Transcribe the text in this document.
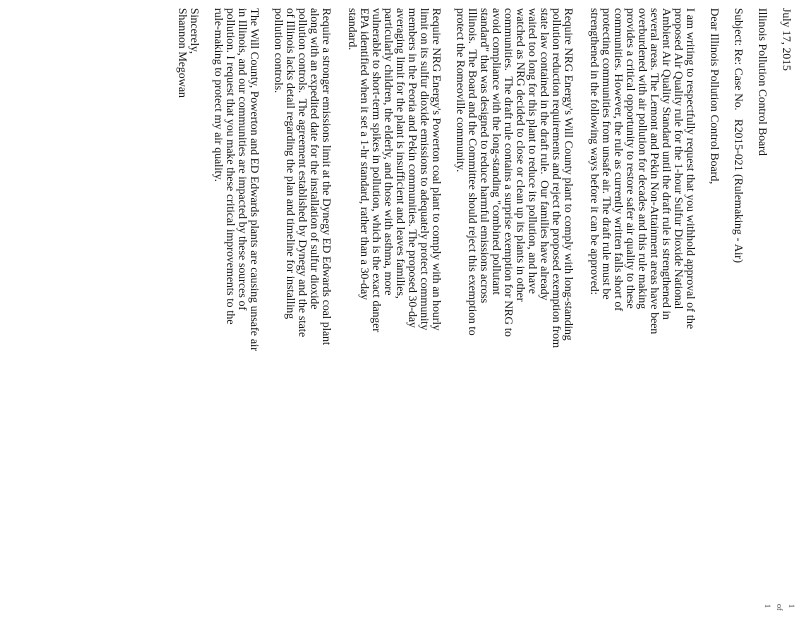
1 of 1
July 17, 2015
Illinois Pollution Control Board
Subject: Re: Case No.   R2015-021 (Rulemaking - Air)
Dear Illinois Pollution Control Board,
I am writing to respectfully request that you withhold approval of the
proposed Air Quality rule for the 1-hour Sulfur Dioxide National
Ambient Air Quality Standard until the draft rule is strengthened in
several areas. The Lemont and Pekin Non-Attainment areas have been
overburdened with air pollution for decades and this rule making
provides a critical opportunity to restore safer air quality to these
communities. However, the rule as currently written falls short of
protecting communities from unsafe air. The draft rule must be
strengthened in the following ways before it can be approved:
Require NRG Energy's Will County plant to comply with long-standing
pollution reduction requirements and reject the proposed exemption from
state law contained in the draft rule.  Our families have already
waited too long for this plant to reduce its pollution, and have
watched as NRG decided to close or clean up its plants in other
communities.  The draft rule contains a surprise exemption for NRG to
avoid compliance with the long-standing "combined pollutant
standard" that was designed to reduce harmful emissions across
Illinois.  The Board and the Committee should reject this exemption to
protect the Romeoville community.
Require NRG Energy's Powerton coal plant to comply with an hourly
limit on its sulfur dioxide emissions to adequately protect community
members in the Peoria and Pekin communities. The proposed 30-day
averaging limit for the plant is insufficient and leaves families,
particularly children, the elderly, and those with asthma, more
vulnerable to short-term spikes in pollution, which is the exact danger
EPA identified when it set a 1-hr standard, rather than a 30-day
standard.
Require a stronger emissions limit at the Dynegy ED Edwards coal plant
along with an expedited date for the installation of sulfur dioxide
pollution controls.  The agreement established by Dynegy and the state
of Illinois lacks detail regarding the plan and timeline for installing
pollution controls.
The Will County, Powerton and ED Edwards plants are causing unsafe air
in Illinois, and our communities are impacted by these sources of
pollution. I request that you make these critical improvements to the
rule-making to protect my air quality.
Sincerely,
Shannon Megowan
